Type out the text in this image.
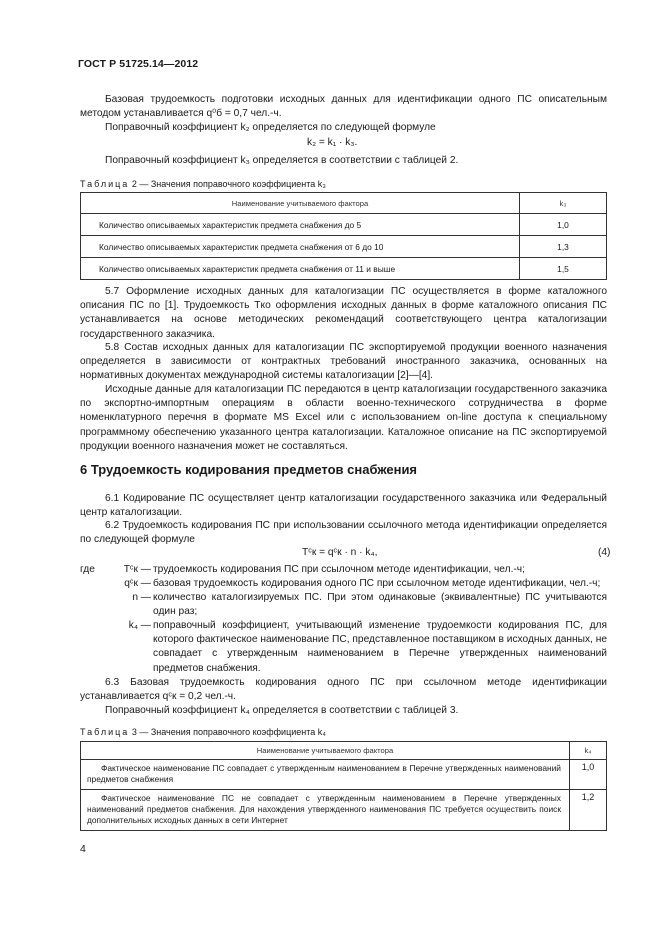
ГОСТ Р 51725.14—2012

Базовая трудоемкость подготовки исходных данных для идентификации одного ПС описательным методом устанавливается q⁰б = 0,7 чел.-ч.

Поправочный коэффициент k₂ определяется по следующей формуле

k₂ = k₁ · k₃.

Поправочный коэффициент k₃ определяется в соответствии с таблицей 2.

Таблица 2 — Значения поправочного коэффициента k₃
Наименование учитываемого фактора	k₃
Количество описываемых характеристик предмета снабжения до 5	1,0
Количество описываемых характеристик предмета снабжения от 6 до 10	1,3
Количество описываемых характеристик предмета снабжения от 11 и выше	1,5

5.7 Оформление исходных данных для каталогизации ПС осуществляется в форме каталожного описания ПС по [1]. Трудоемкость Tко оформления исходных данных в форме каталожного описания ПС устанавливается на основе методических рекомендаций соответствующего центра каталогизации государственного заказчика.

5.8 Состав исходных данных для каталогизации ПС экспортируемой продукции военного назначения определяется в зависимости от контрактных требований иностранного заказчика, основанных на нормативных документах международной системы каталогизации [2]—[4].

Исходные данные для каталогизации ПС передаются в центр каталогизации государственного заказчика по экспортно-импортным операциям в области военно-технического сотрудничества в форме номенклатурного перечня в формате MS Excel или с использованием on-line доступа к специальному программному обеспечению указанного центра каталогизации. Каталожное описание на ПС экспортируемой продукции военного назначения может не составляться.

6 Трудоемкость кодирования предметов снабжения

6.1 Кодирование ПС осуществляет центр каталогизации государственного заказчика или Федеральный центр каталогизации.

6.2 Трудоемкость кодирования ПС при использовании ссылочного метода идентификации определяется по следующей формуле

Tᶜк = qᶜк · n · k₄,	(4)
где	Tᶜк — трудоемкость кодирования ПС при ссылочном методе идентификации, чел.-ч;
qᶜк — базовая трудоемкость кодирования одного ПС при ссылочном методе идентификации, чел.-ч;
n — количество каталогизируемых ПС. При этом одинаковые (эквивалентные) ПС учитываются один раз;
k₄ — поправочный коэффициент, учитывающий изменение трудоемкости кодирования ПС, для которого фактическое наименование ПС, представленное поставщиком в исходных данных, не совпадает с утвержденным наименованием в Перечне утвержденных наименований предметов снабжения.

6.3 Базовая трудоемкость кодирования одного ПС при ссылочном методе идентификации устанавливается qᶜк = 0,2 чел.-ч.

Поправочный коэффициент k₄ определяется в соответствии с таблицей 3.

Таблица 3 — Значения поправочного коэффициента k₄
Наименование учитываемого фактора	k₄
Фактическое наименование ПС совпадает с утвержденным наименованием в Перечне утвержденных наименований предметов снабжения	1,0
Фактическое наименование ПС не совпадает с утвержденным наименованием в Перечне утвержденных наименований предметов снабжения. Для нахождения утвержденного наименования ПС требуется осуществить поиск дополнительных исходных данных в сети Интернет	1,2
4
